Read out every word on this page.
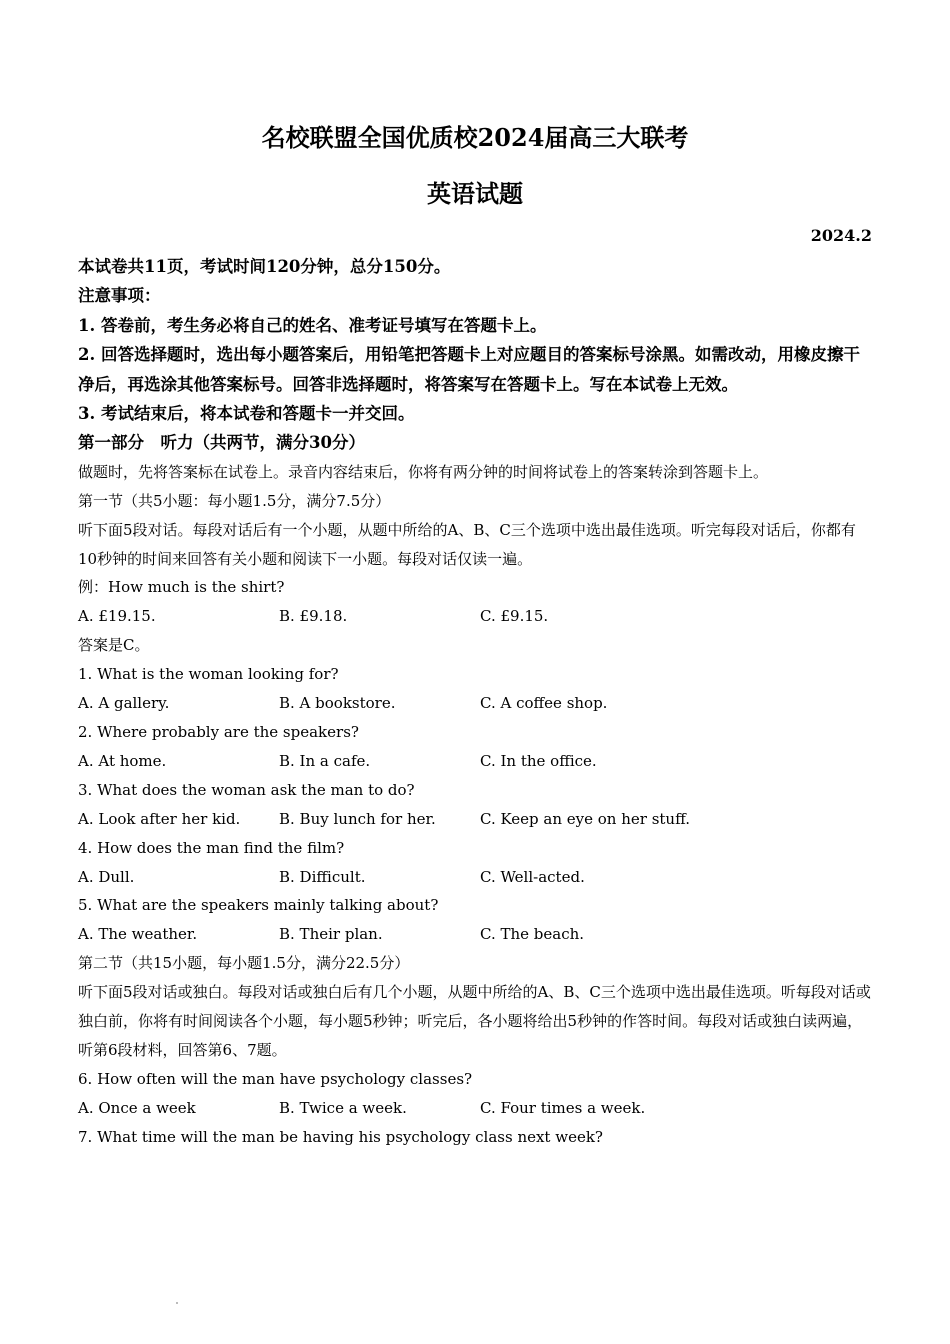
名校联盟全国优质校2024届高三大联考
英语试题
2024.2
本试卷共11页，考试时间120分钟，总分150分。
注意事项：
1. 答卷前，考生务必将自己的姓名、准考证号填写在答题卡上。
2. 回答选择题时，选出每小题答案后，用铅笔把答题卡上对应题目的答案标号涂黑。如需改动，用橡皮擦干净后，再选涂其他答案标号。回答非选择题时，将答案写在答题卡上。写在本试卷上无效。
3. 考试结束后，将本试卷和答题卡一并交回。
第一部分　听力（共两节，满分30分）
做题时，先将答案标在试卷上。录音内容结束后，你将有两分钟的时间将试卷上的答案转涂到答题卡上。
第一节（共5小题：每小题1.5分，满分7.5分）
听下面5段对话。每段对话后有一个小题，从题中所给的A、B、C三个选项中选出最佳选项。听完每段对话后，你都有10秒钟的时间来回答有关小题和阅读下一小题。每段对话仅读一遍。
例：How much is the shirt?
A. £19.15.	B. £9.18.	C. £9.15.
答案是C。
1. What is the woman looking for?
A. A gallery.	B. A bookstore.	C. A coffee shop.
2. Where probably are the speakers?
A. At home.	B. In a cafe.	C. In the office.
3. What does the woman ask the man to do?
A. Look after her kid.	B. Buy lunch for her.	C. Keep an eye on her stuff.
4. How does the man find the film?
A. Dull.	B. Difficult.	C. Well-acted.
5. What are the speakers mainly talking about?
A. The weather.	B. Their plan.	C. The beach.
第二节（共15小题，每小题1.5分，满分22.5分）
听下面5段对话或独白。每段对话或独白后有几个小题，从题中所给的A、B、C三个选项中选出最佳选项。听每段对话或独白前，你将有时间阅读各个小题，每小题5秒钟；听完后，各小题将给出5秒钟的作答时间。每段对话或独白读两遍，
听第6段材料，回答第6、7题。
6. How often will the man have psychology classes?
A. Once a week	B. Twice a week.	C. Four times a week.
7. What time will the man be having his psychology class next week?
